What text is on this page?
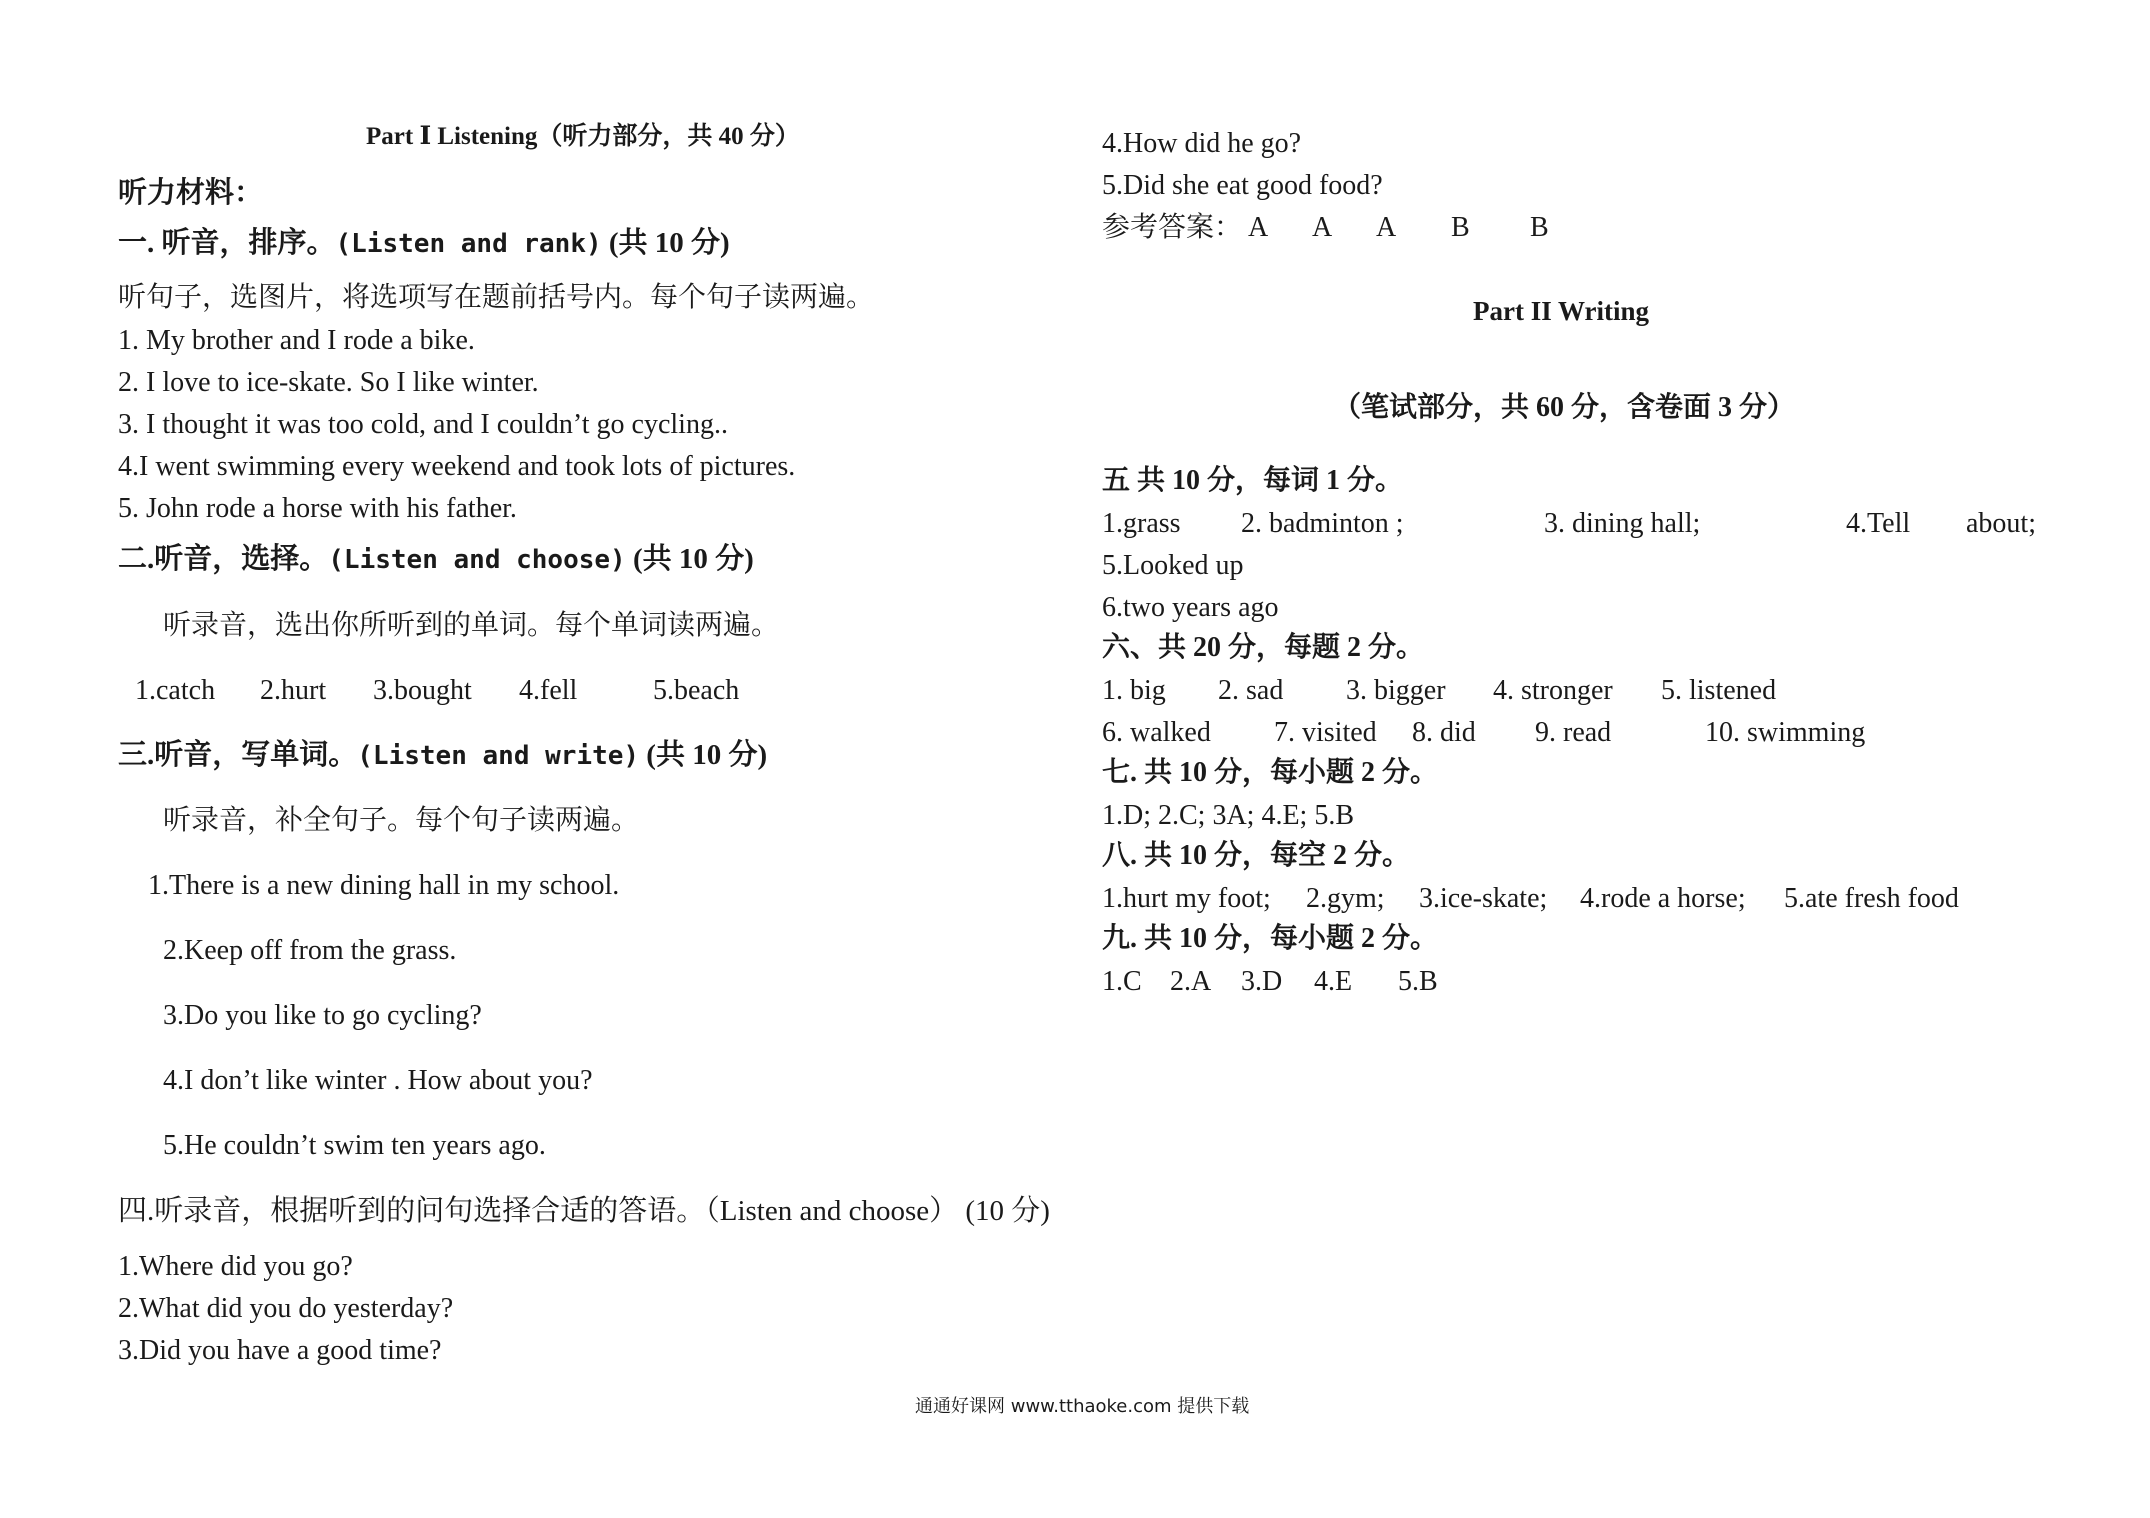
Part Ⅰ Listening（听力部分，共 40 分）
听力材料：
一. 听音，排序。(Listen and rank) (共 10 分)
听句子，选图片，将选项写在题前括号内。每个句子读两遍。
1. My brother and I rode a bike.
2. I love to ice-skate. So I like winter.
3. I thought it was too cold, and I couldn’t go cycling..
4.I went swimming every weekend and took lots of pictures.
5. John rode a horse with his father.
二.听音，选择。(Listen and choose) (共 10 分)
听录音，选出你所听到的单词。每个单词读两遍。
1.catch 2.hurt 3.bought 4.fell	5.beach
三.听音，写单词。(Listen and write) (共 10 分)
听录音，补全句子。每个句子读两遍。
1.There is a new dining hall in my school.
2.Keep off from the grass.
3.Do you like to go cycling?
4.I don’t like winter . How about you?
5.He couldn’t swim ten years ago.
四.听录音，根据听到的问句选择合适的答语。（Listen and choose） (10 分)
1.Where did you go?
2.What did you do yesterday?
3.Did you have a good time?
4.How did he go?
5.Did she eat good food?
参考答案： A A A B B
Part II Writing
（笔试部分，共 60 分，含卷面 3 分）
五 共 10 分，每词 1 分。
1.grass 2. badminton ;	3. dining hall;	4.Tell about;
5.Looked up
6.two years ago
六、共 20 分，每题 2 分。
1. big 2. sad 3. bigger 4. stronger 5. listened
6. walked 7. visited 8. did 9. read	10. swimming
七. 共 10 分，每小题 2 分。
1.D; 2.C; 3A; 4.E; 5.B
八. 共 10 分，每空 2 分。
1.hurt my foot; 2.gym; 3.ice-skate; 4.rode a horse; 5.ate fresh food
九. 共 10 分，每小题 2 分。
1.C 2.A 3.D 4.E 5.B
通通好课网 www.tthaoke.com 提供下载
